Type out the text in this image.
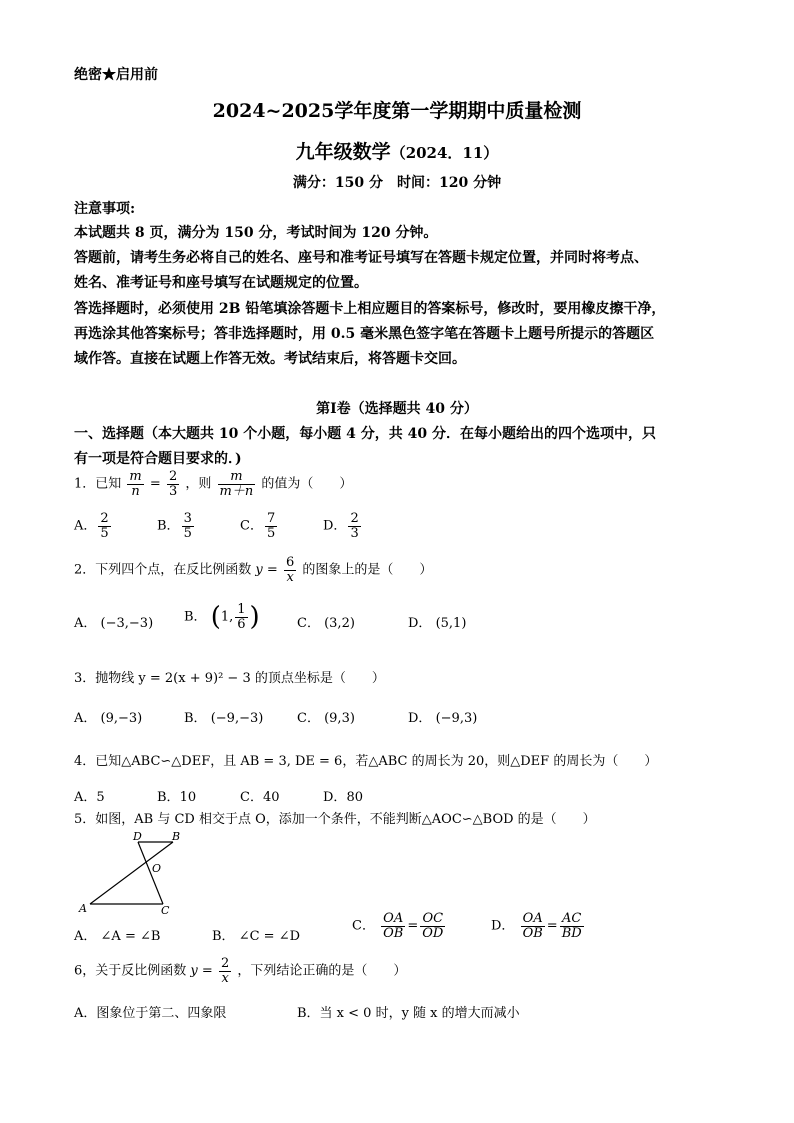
绝密★启用前
2024~2025学年度第一学期期中质量检测
九年级数学（2024．11）
满分：150 分　时间：120 分钟
注意事项:
本试题共 8 页，满分为 150 分，考试时间为 120 分钟。
答题前，请考生务必将自己的姓名、座号和准考证号填写在答题卡规定位置，并同时将考点、
姓名、准考证号和座号填写在试题规定的位置。
答选择题时，必须使用 2B 铅笔填涂答题卡上相应题目的答案标号，修改时，要用橡皮擦干净，
再选涂其他答案标号；答非选择题时，用 0.5 毫米黑色签字笔在答题卡上题号所提示的答题区
域作答。直接在试题上作答无效。考试结束后，将答题卡交回。
第Ⅰ卷（选择题共 40 分）
一、选择题（本大题共 10 个小题，每小题 4 分，共 40 分．在每小题给出的四个选项中，只
有一项是符合题目要求的．)
1．已知 $\frac{m}{n} = \frac{2}{3}$ ，则 $\frac{m}{m+n}$ 的值为（　　）
A． $\frac{2}{5}$	B． $\frac{3}{5}$	C． $\frac{7}{5}$	D． $\frac{2}{3}$
2．下列四个点，在反比例函数 $y = \frac{6}{x}$ 的图象上的是（　　）
A． (−3,−3) B． (1, $\frac{1}{6}$ )	C． (3,2)	D． (5,1)
3．抛物线 y = 2(x + 9)² − 3 的顶点坐标是（　　）
A． (9,−3)	B． (−9,−3)	C． (9,3)	D． (−9,3)
4．已知△ABC∽△DEF，且 AB = 3, DE = 6，若△ABC 的周长为 20，则△DEF 的周长为（　　）
A．5	B．10	C．40	D．80
5．如图，AB 与 CD 相交于点 O，添加一个条件，不能判断△AOC∽△BOD 的是（　　）
D	B
O
A	C
A． ∠A = ∠B	B． ∠C = ∠D
C． $\frac{OA}{OB} = \frac{OC}{OD}$	D． $\frac{OA}{OB} = \frac{AC}{BD}$
6，关于反比例函数 $y = \frac{2}{x}$ ，下列结论正确的是（　　）
A．图象位于第二、四象限	B．当 x < 0 时，y 随 x 的增大而减小
